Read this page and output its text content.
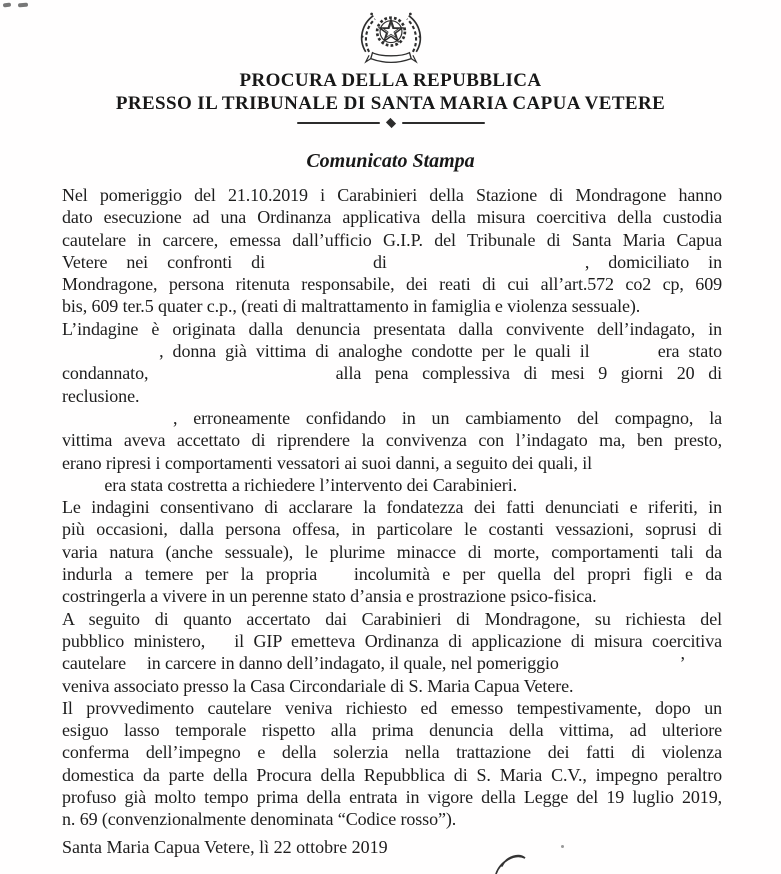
PROCURA DELLA REPUBBLICA
PRESSO IL TRIBUNALE DI SANTA MARIA CAPUA VETERE
Comunicato Stampa
Nel pomeriggio del 21.10.2019 i Carabinieri della Stazione di Mondragone hanno
dato esecuzione ad una Ordinanza applicativa della misura coercitiva della custodia
cautelare in carcere, emessa dall’ufficio G.I.P. del Tribunale di Santa Maria Capua
Vetere nei confronti di	di	, domiciliato in
Mondragone, persona ritenuta responsabile, dei reati di cui all’art.572 co2 cp, 609
bis, 609 ter.5 quater c.p., (reati di maltrattamento in famiglia e violenza sessuale).
L’indagine è originata dalla denuncia presentata dalla convivente dell’indagato, in
, donna già vittima di analoghe condotte per le quali il	era stato
condannato,	alla pena complessiva di mesi 9 giorni 20 di
reclusione.
, erroneamente confidando in un cambiamento del compagno, la
vittima aveva accettato di riprendere la convivenza con l’indagato ma, ben presto,
erano ripresi i comportamenti vessatori ai suoi danni, a seguito dei quali, il
era stata costretta a richiedere l’intervento dei Carabinieri.
Le indagini consentivano di acclarare la fondatezza dei fatti denunciati e riferiti, in
più occasioni, dalla persona offesa, in particolare le costanti vessazioni, soprusi di
varia natura (anche sessuale), le plurime minacce di morte, comportamenti tali da
indurla a temere per la propria incolumità e per quella del propri figli e da
costringerla a vivere in un perenne stato d’ansia e prostrazione psico-fisica.
A seguito di quanto accertato dai Carabinieri di Mondragone, su richiesta del
pubblico ministero, il GIP emetteva Ordinanza di applicazione di misura coercitiva
cautelare in carcere in danno dell’indagato, il quale, nel pomeriggio	’
veniva associato presso la Casa Circondariale di S. Maria Capua Vetere.
Il provvedimento cautelare veniva richiesto ed emesso tempestivamente, dopo un
esiguo lasso temporale rispetto alla prima denuncia della vittima, ad ulteriore
conferma dell’impegno e della solerzia nella trattazione dei fatti di violenza
domestica da parte della Procura della Repubblica di S. Maria C.V., impegno peraltro
profuso già molto tempo prima della entrata in vigore della Legge del 19 luglio 2019,
n. 69 (convenzionalmente denominata “Codice rosso”).
Santa Maria Capua Vetere, lì 22 ottobre 2019
